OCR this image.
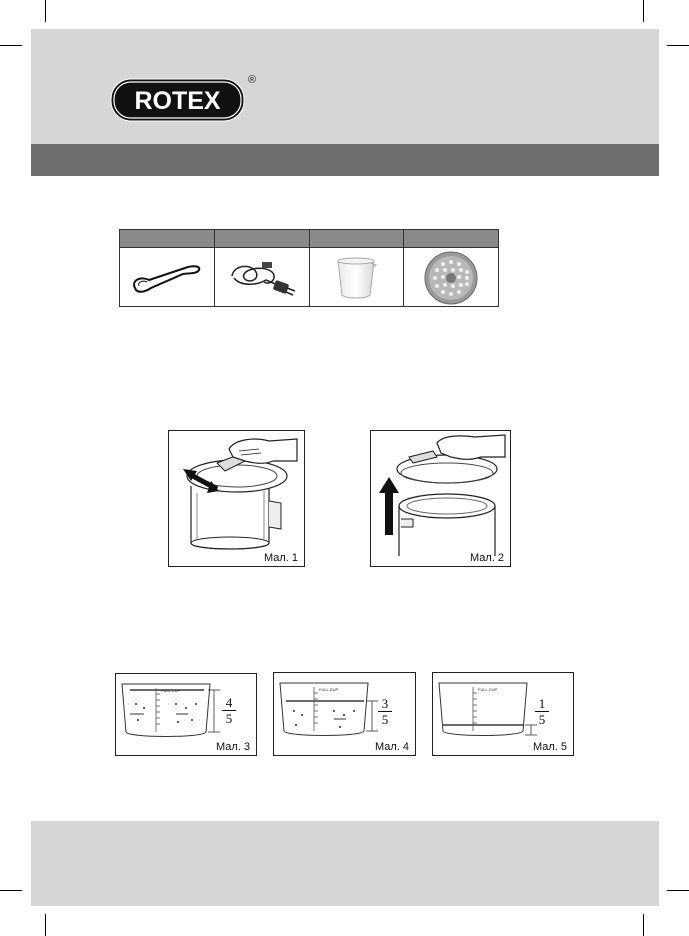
ROTEX
®
Мал. 1	Мал. 2
FULL CUP
4
5
Мал. 3
FULL CUP
3
5
Мал. 4
FULL CUP
1
5
Мал. 5
